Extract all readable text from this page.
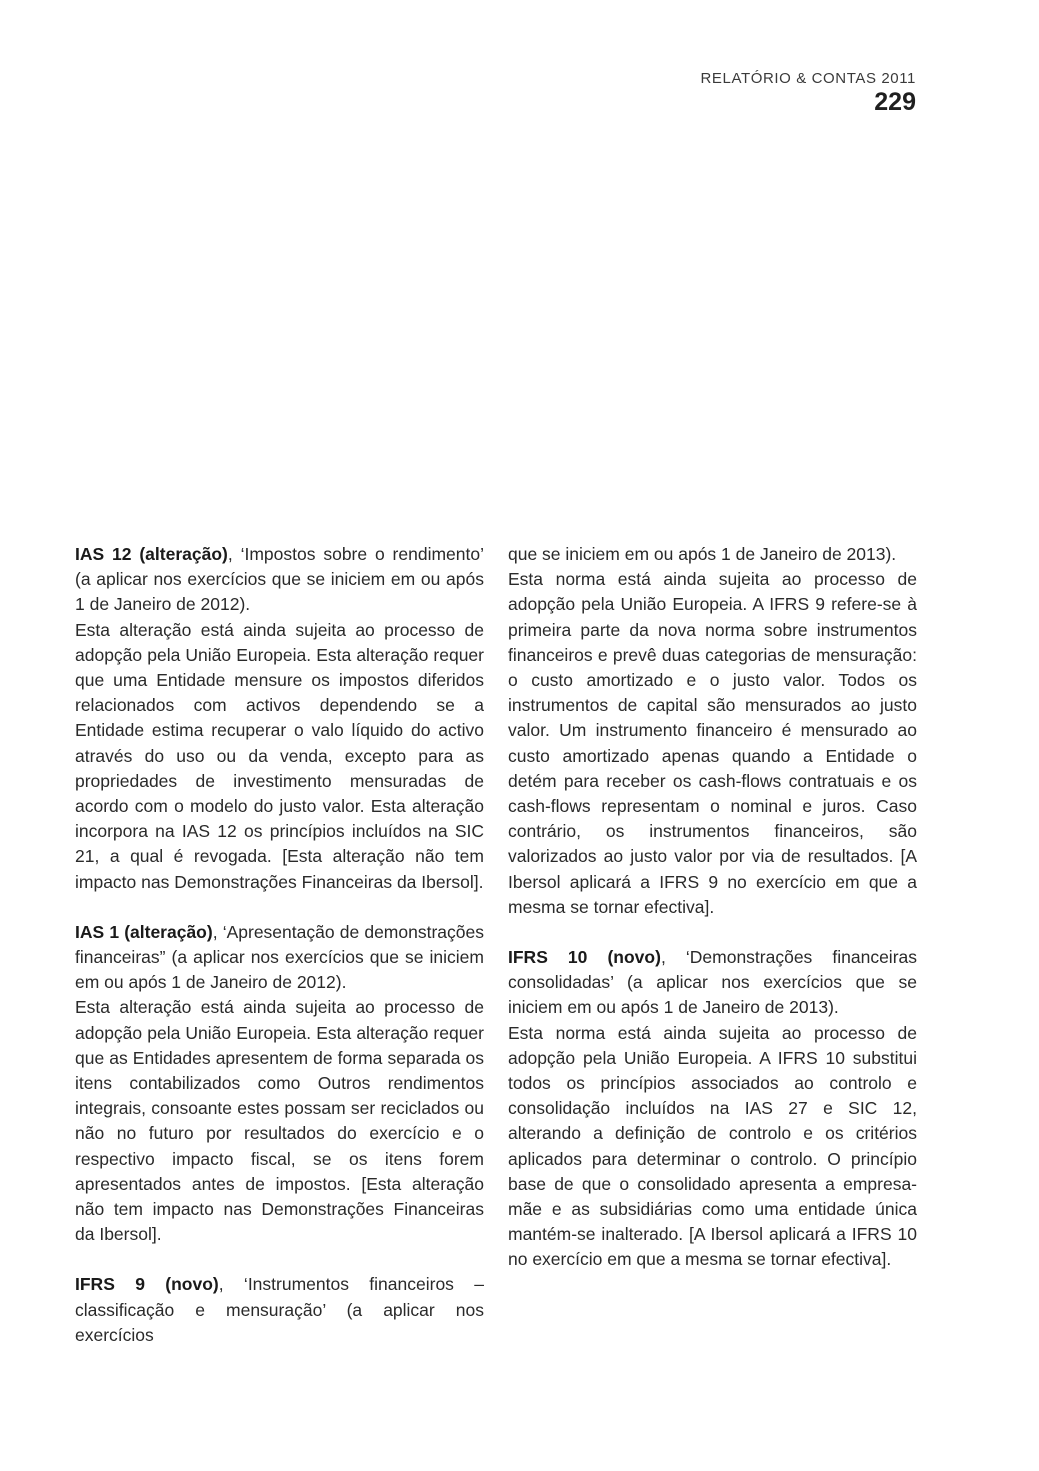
RELATÓRIO & CONTAS 2011
229

IAS 12 (alteração), ‘Impostos sobre o rendimento’ (a aplicar nos exercícios que se iniciem em ou após 1 de Janeiro de 2012).

Esta alteração está ainda sujeita ao processo de adopção pela União Europeia. Esta alteração requer que uma Entidade mensure os impostos diferidos relacionados com activos dependendo se a Entidade estima recuperar o valo líquido do activo através do uso ou da venda, excepto para as propriedades de investimento mensuradas de acordo com o modelo do justo valor. Esta alteração incorpora na IAS 12 os princípios incluídos na SIC 21, a qual é revogada. [Esta alteração não tem impacto nas Demonstrações Financeiras da Ibersol].

IAS 1 (alteração), ‘Apresentação de demonstrações financeiras” (a aplicar nos exercícios que se iniciem em ou após 1 de Janeiro de 2012).

Esta alteração está ainda sujeita ao processo de adopção pela União Europeia. Esta alteração requer que as Entidades apresentem de forma separada os itens contabilizados como Outros rendimentos integrais, consoante estes possam ser reciclados ou não no futuro por resultados do exercício e o respectivo impacto fiscal, se os itens forem apresentados antes de impostos. [Esta alteração não tem impacto nas Demonstrações Financeiras da Ibersol].

IFRS 9 (novo), ‘Instrumentos financeiros – classificação e mensuração’ (a aplicar nos exercícios

que se iniciem em ou após 1 de Janeiro de 2013).

Esta norma está ainda sujeita ao processo de adopção pela União Europeia. A IFRS 9 refere-se à primeira parte da nova norma sobre instrumentos financeiros e prevê duas categorias de mensuração: o custo amortizado e o justo valor. Todos os instrumentos de capital são mensurados ao justo valor. Um instrumento financeiro é mensurado ao custo amortizado apenas quando a Entidade o detém para receber os cash-flows contratuais e os cash-flows representam o nominal e juros. Caso contrário, os instrumentos financeiros, são valorizados ao justo valor por via de resultados. [A Ibersol aplicará a IFRS 9 no exercício em que a mesma se tornar efectiva].

IFRS 10 (novo), ‘Demonstrações financeiras consolidadas’ (a aplicar nos exercícios que se iniciem em ou após 1 de Janeiro de 2013).

Esta norma está ainda sujeita ao processo de adopção pela União Europeia. A IFRS 10 substitui todos os princípios associados ao controlo e consolidação incluídos na IAS 27 e SIC 12, alterando a definição de controlo e os critérios aplicados para determinar o controlo. O princípio base de que o consolidado apresenta a empresa-mãe e as subsidiárias como uma entidade única mantém-se inalterado. [A Ibersol aplicará a IFRS 10 no exercício em que a mesma se tornar efectiva].
